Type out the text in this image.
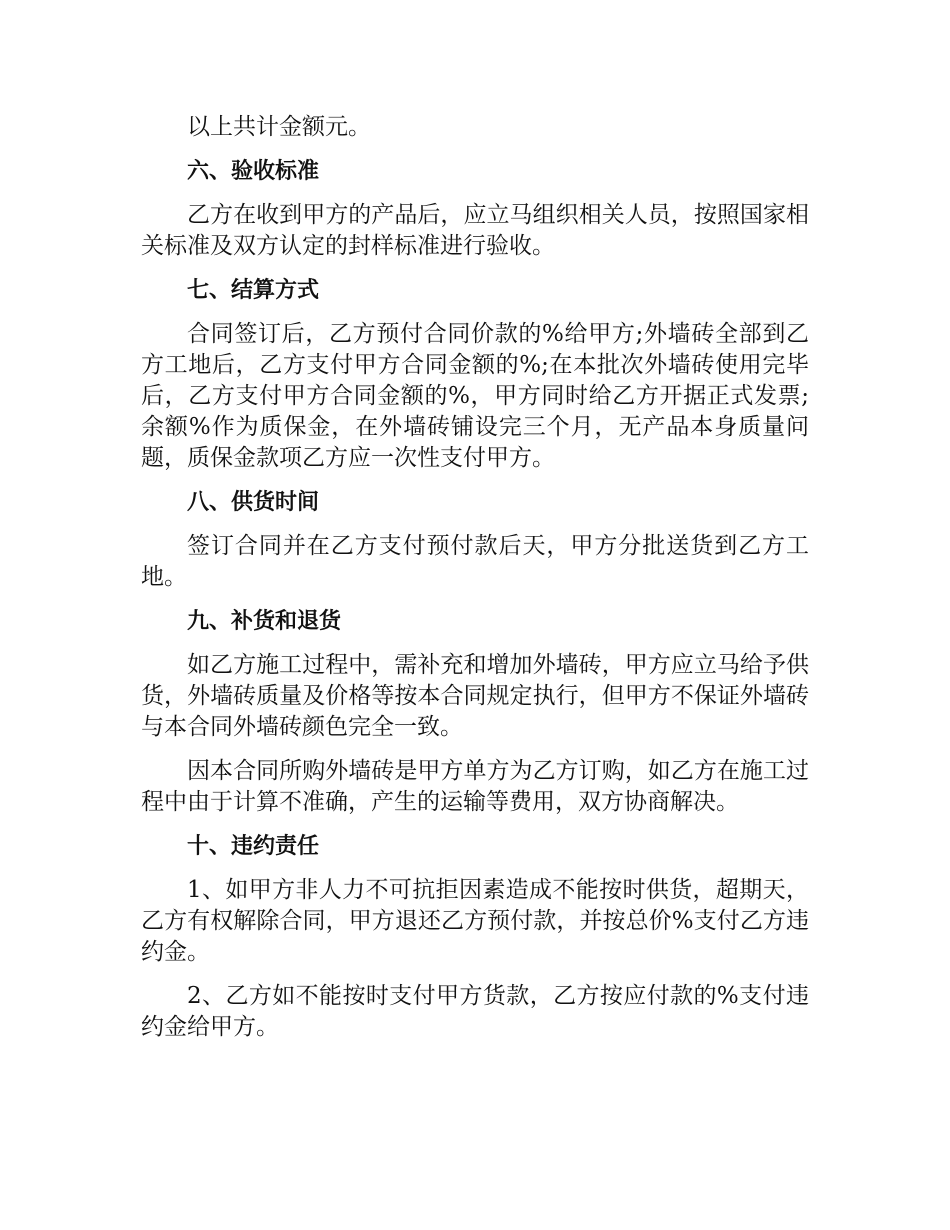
以上共计金额元。

六、验收标准

乙方在收到甲方的产品后，应立马组织相关人员，按照国家相关标准及双方认定的封样标准进行验收。

七、结算方式

合同签订后，乙方预付合同价款的%给甲方;外墙砖全部到乙方工地后，乙方支付甲方合同金额的%;在本批次外墙砖使用完毕后，乙方支付甲方合同金额的%，甲方同时给乙方开据正式发票;余额%作为质保金，在外墙砖铺设完三个月，无产品本身质量问题，质保金款项乙方应一次性支付甲方。

八、供货时间

签订合同并在乙方支付预付款后天，甲方分批送货到乙方工地。

九、补货和退货

如乙方施工过程中，需补充和增加外墙砖，甲方应立马给予供货，外墙砖质量及价格等按本合同规定执行，但甲方不保证外墙砖与本合同外墙砖颜色完全一致。

因本合同所购外墙砖是甲方单方为乙方订购，如乙方在施工过程中由于计算不准确，产生的运输等费用，双方协商解决。

十、违约责任

1、如甲方非人力不可抗拒因素造成不能按时供货，超期天，乙方有权解除合同，甲方退还乙方预付款，并按总价%支付乙方违约金。

2、乙方如不能按时支付甲方货款，乙方按应付款的%支付违约金给甲方。
